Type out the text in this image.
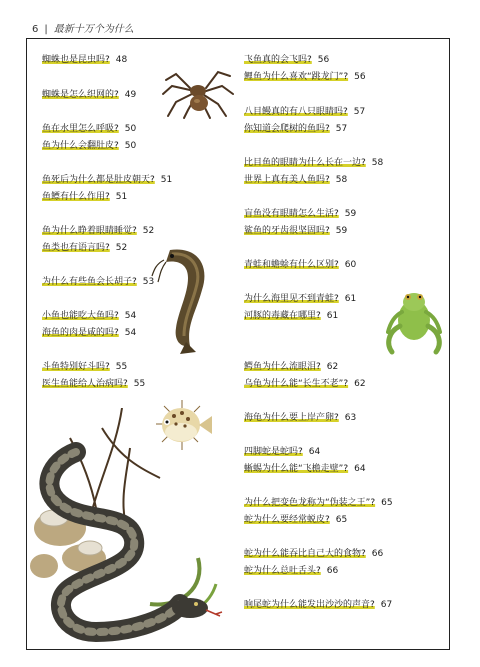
6 | 最新十万个为什么
蜘蛛也是昆虫吗? 48
蜘蛛是怎么织网的? 49
鱼在水里怎么呼吸? 50
鱼为什么会翻肚皮? 50
鱼死后为什么都是肚皮朝天? 51
鱼鳔有什么作用? 51
鱼为什么睁着眼睛睡觉? 52
鱼类也有语言吗? 52
为什么有些鱼会长胡子? 53
小鱼也能吃大鱼吗? 54
海鱼的肉是咸的吗? 54
斗鱼特别好斗吗? 55
医生鱼能给人治病吗? 55
飞鱼真的会飞吗? 56
鲤鱼为什么喜欢“跳龙门”? 56
八目鳗真的有八只眼睛吗? 57
你知道会爬树的鱼吗? 57
比目鱼的眼睛为什么长在一边? 58
世界上真有美人鱼吗? 58
盲鱼没有眼睛怎么生活? 59
鲨鱼的牙齿很坚固吗? 59
青蛙和蟾蜍有什么区别? 60
为什么海里见不到青蛙? 61
河豚的毒藏在哪里? 61
鳄鱼为什么流眼泪? 62
乌龟为什么能“长生不老”? 62
海龟为什么要上岸产卵? 63
四脚蛇是蛇吗? 64
蜥蜴为什么能“飞檐走壁”? 64
为什么把变色龙称为“伪装之王”? 65
蛇为什么要经常蜕皮? 65
蛇为什么能吞比自己大的食物? 66
蛇为什么总吐舌头? 66
响尾蛇为什么能发出沙沙的声音? 67
